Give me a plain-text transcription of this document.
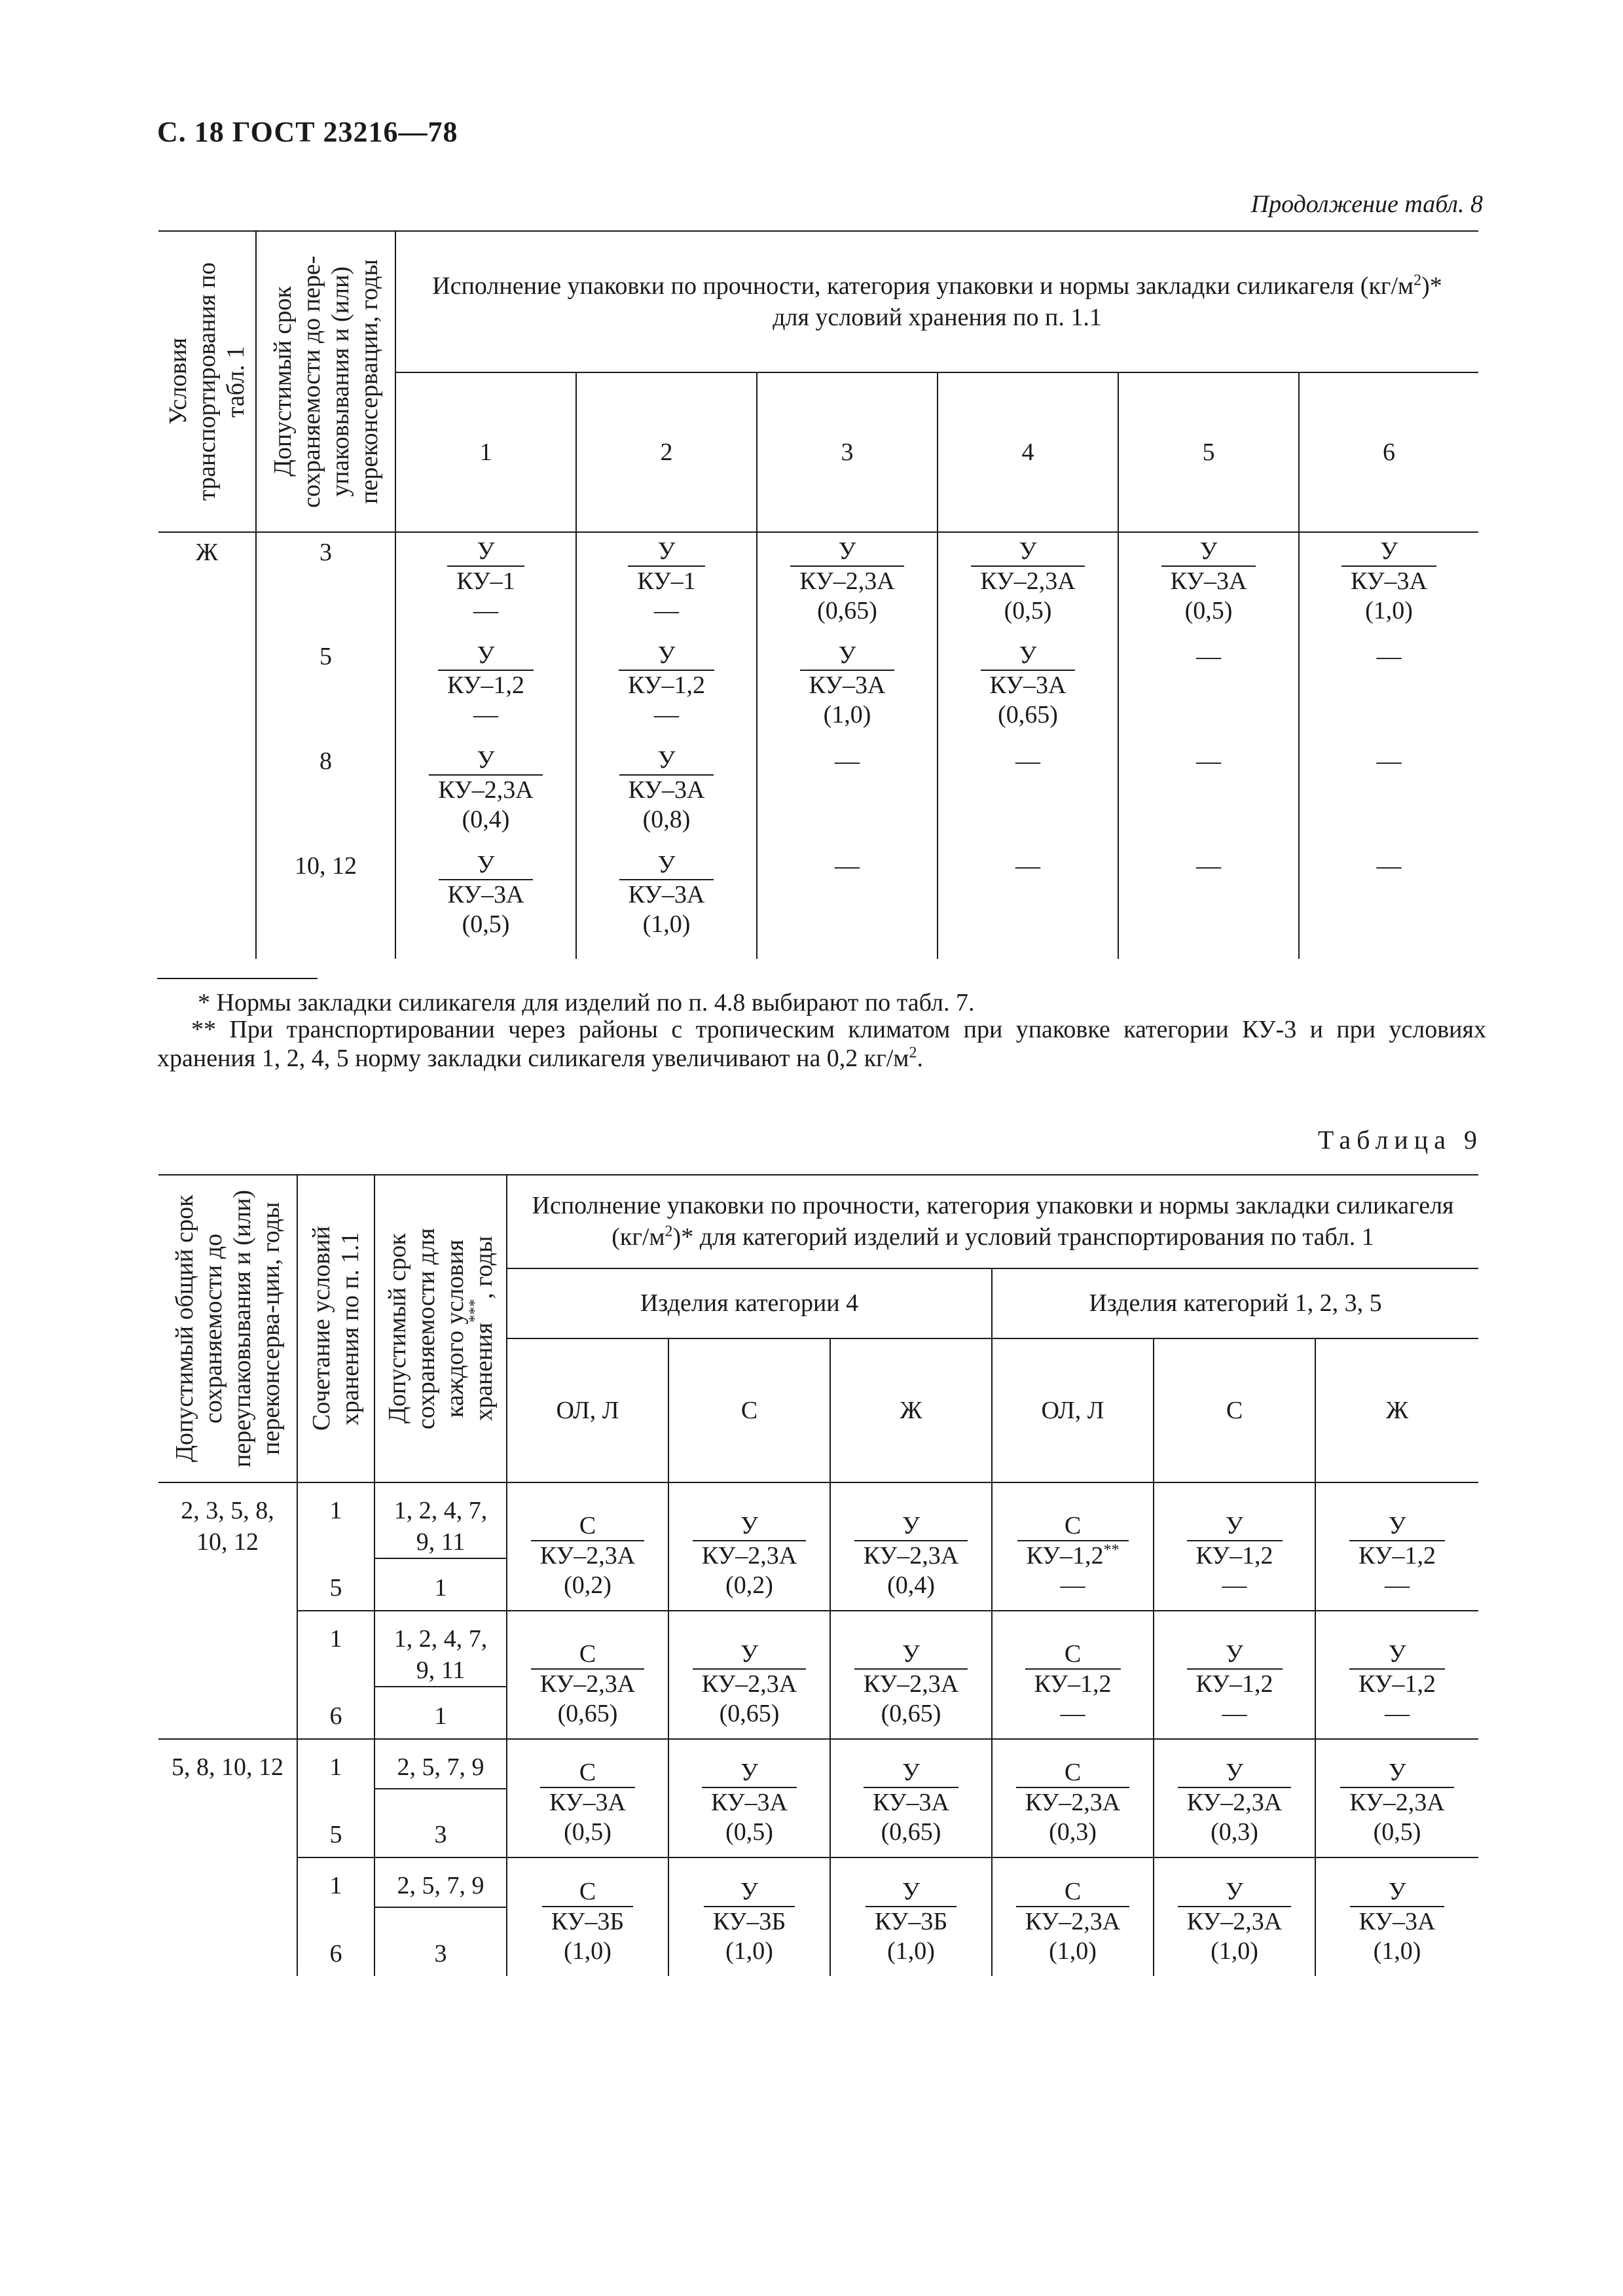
С. 18 ГОСТ 23216—78
Продолжение табл. 8
Условия транспортирования по табл. 1	Допустимый срок сохраняемости до пере-упаковывания и (или) переконсервации, годы	Исполнение упаковки по прочности, категория упаковки и нормы закладки силикагеля $(кг/м^2)*$
для условий хранения по п. 1.1					
		1	2	3	4	5	6
Ж	3	У
КУ–1
—	У
КУ–1
—	У
КУ–2,3А
(0,65)	У
КУ–2,3А
(0,5)	У
КУ–3А
(0,5)	У
КУ–3А
(1,0)

	5	У
КУ–1,2
—	У
КУ–1,2
—	У
КУ–3А
(1,0)	У
КУ–3А
(0,65)	—	—
	8	У
КУ–2,3А
(0,4)	У
КУ–3А
(0,8)	—	—	—	—
	10, 12	У
КУ–3А
(0,5)	У
КУ–3А
(1,0)	—	—	—	—
* Нормы закладки силикагеля для изделий по п. 4.8 выбирают по табл. 7.
** При транспортировании через районы с тропическим климатом при упаковке категории КУ-3 и при условиях хранения 1, 2, 4, 5 норму закладки силикагеля увеличивают на 0,2 $кг/м^2$.
Таблица 9
Допустимый общий срок сохраняемости до переупаковывания и (или) переконсерва-ции, годы	Сочетание условий хранения по п. 1.1	Допустимый срок сохраняемости для каждого условия хранения***, годы	Исполнение упаковки по прочности, категория упаковки и нормы закладки силикагеля $(кг/м^2)*$ для категорий изделий и условий транспортирования по табл. 1					
			Изделия категории 4			Изделия категорий 1, 2, 3, 5		
			ОЛ, Л	С	Ж	ОЛ, Л	С	Ж
2, 3, 5, 8, 10, 12	1	1, 2, 4, 7, 9, 11	С
КУ–2,3А
(0,2)	У
КУ–2,3А
(0,2)	У
КУ–2,3А
(0,4)	С
КУ–1,2**
—	У
КУ–1,2
—	У
КУ–1,2
—

	5	1						
	1	1, 2, 4, 7, 9, 11	С
КУ–2,3А
(0,65)	У
КУ–2,3А
(0,65)	У
КУ–2,3А
(0,65)	С
КУ–1,2
—	У
КУ–1,2
—	У
КУ–1,2
—

	6	1						
5, 8, 10, 12	1	2, 5, 7, 9	С
КУ–3А
(0,5)	У
КУ–3А
(0,5)	У
КУ–3А
(0,65)	С
КУ–2,3А
(0,3)	У
КУ–2,3А
(0,3)	У
КУ–2,3А
(0,5)

	5	3						
	1	2, 5, 7, 9	С
КУ–3Б
(1,0)	У
КУ–3Б
(1,0)	У
КУ–3Б
(1,0)	С
КУ–2,3А
(1,0)	У
КУ–2,3А
(1,0)	У
КУ–3А
(1,0)

	6	3						
